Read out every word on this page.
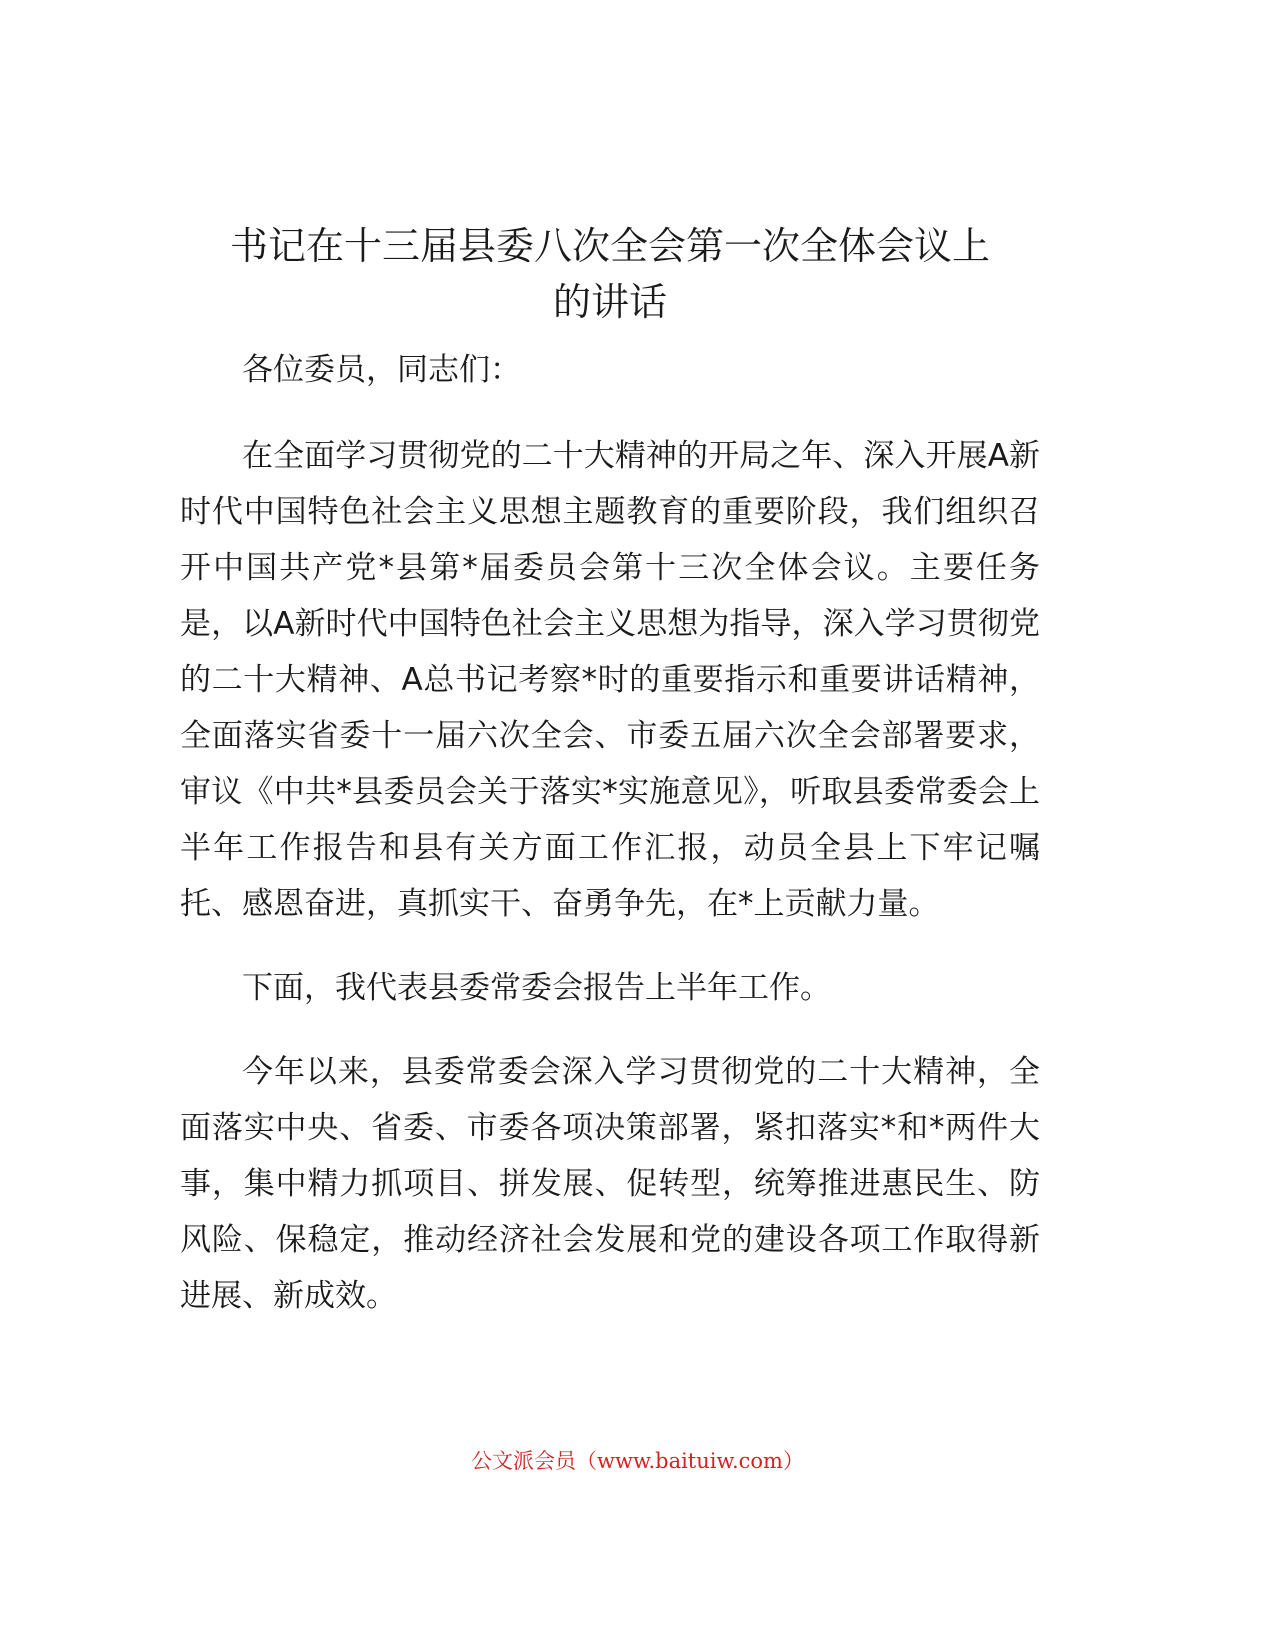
书记在十三届县委八次全会第一次全体会议上
的讲话

各位委员，同志们：

在全面学习贯彻党的二十大精神的开局之年、深入开展A新时代中国特色社会主义思想主题教育的重要阶段，我们组织召开中国共产党*县第*届委员会第十三次全体会议。主要任务是，以A新时代中国特色社会主义思想为指导，深入学习贯彻党的二十大精神、A总书记考察*时的重要指示和重要讲话精神，全面落实省委十一届六次全会、市委五届六次全会部署要求，审议《中共*县委员会关于落实*实施意见》，听取县委常委会上半年工作报告和县有关方面工作汇报，动员全县上下牢记嘱托、感恩奋进，真抓实干、奋勇争先，在*上贡献力量。

下面，我代表县委常委会报告上半年工作。

今年以来，县委常委会深入学习贯彻党的二十大精神，全面落实中央、省委、市委各项决策部署，紧扣落实*和*两件大事，集中精力抓项目、拼发展、促转型，统筹推进惠民生、防风险、保稳定，推动经济社会发展和党的建设各项工作取得新进展、新成效。

公文派会员（www.baituiw.com）
